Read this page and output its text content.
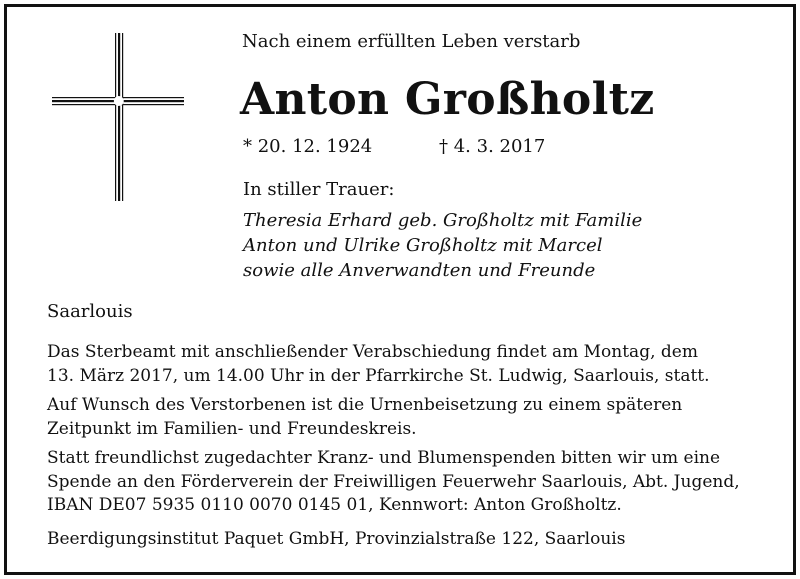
Nach einem erfüllten Leben verstarb
Anton Großholtz
* 20. 12. 1924	† 4. 3. 2017
In stiller Trauer:
Theresia Erhard geb. Großholtz mit Familie
Anton und Ulrike Großholtz mit Marcel
sowie alle Anverwandten und Freunde
Saarlouis
Das Sterbeamt mit anschließender Verabschiedung findet am Montag, dem
13. März 2017, um 14.00 Uhr in der Pfarrkirche St. Ludwig, Saarlouis, statt.
Auf Wunsch des Verstorbenen ist die Urnenbeisetzung zu einem späteren
Zeitpunkt im Familien- und Freundeskreis.
Statt freundlichst zugedachter Kranz- und Blumenspenden bitten wir um eine
Spende an den Förderverein der Freiwilligen Feuerwehr Saarlouis, Abt. Jugend,
IBAN DE07 5935 0110 0070 0145 01, Kennwort: Anton Großholtz.
Beerdigungsinstitut Paquet GmbH, Provinzialstraße 122, Saarlouis
